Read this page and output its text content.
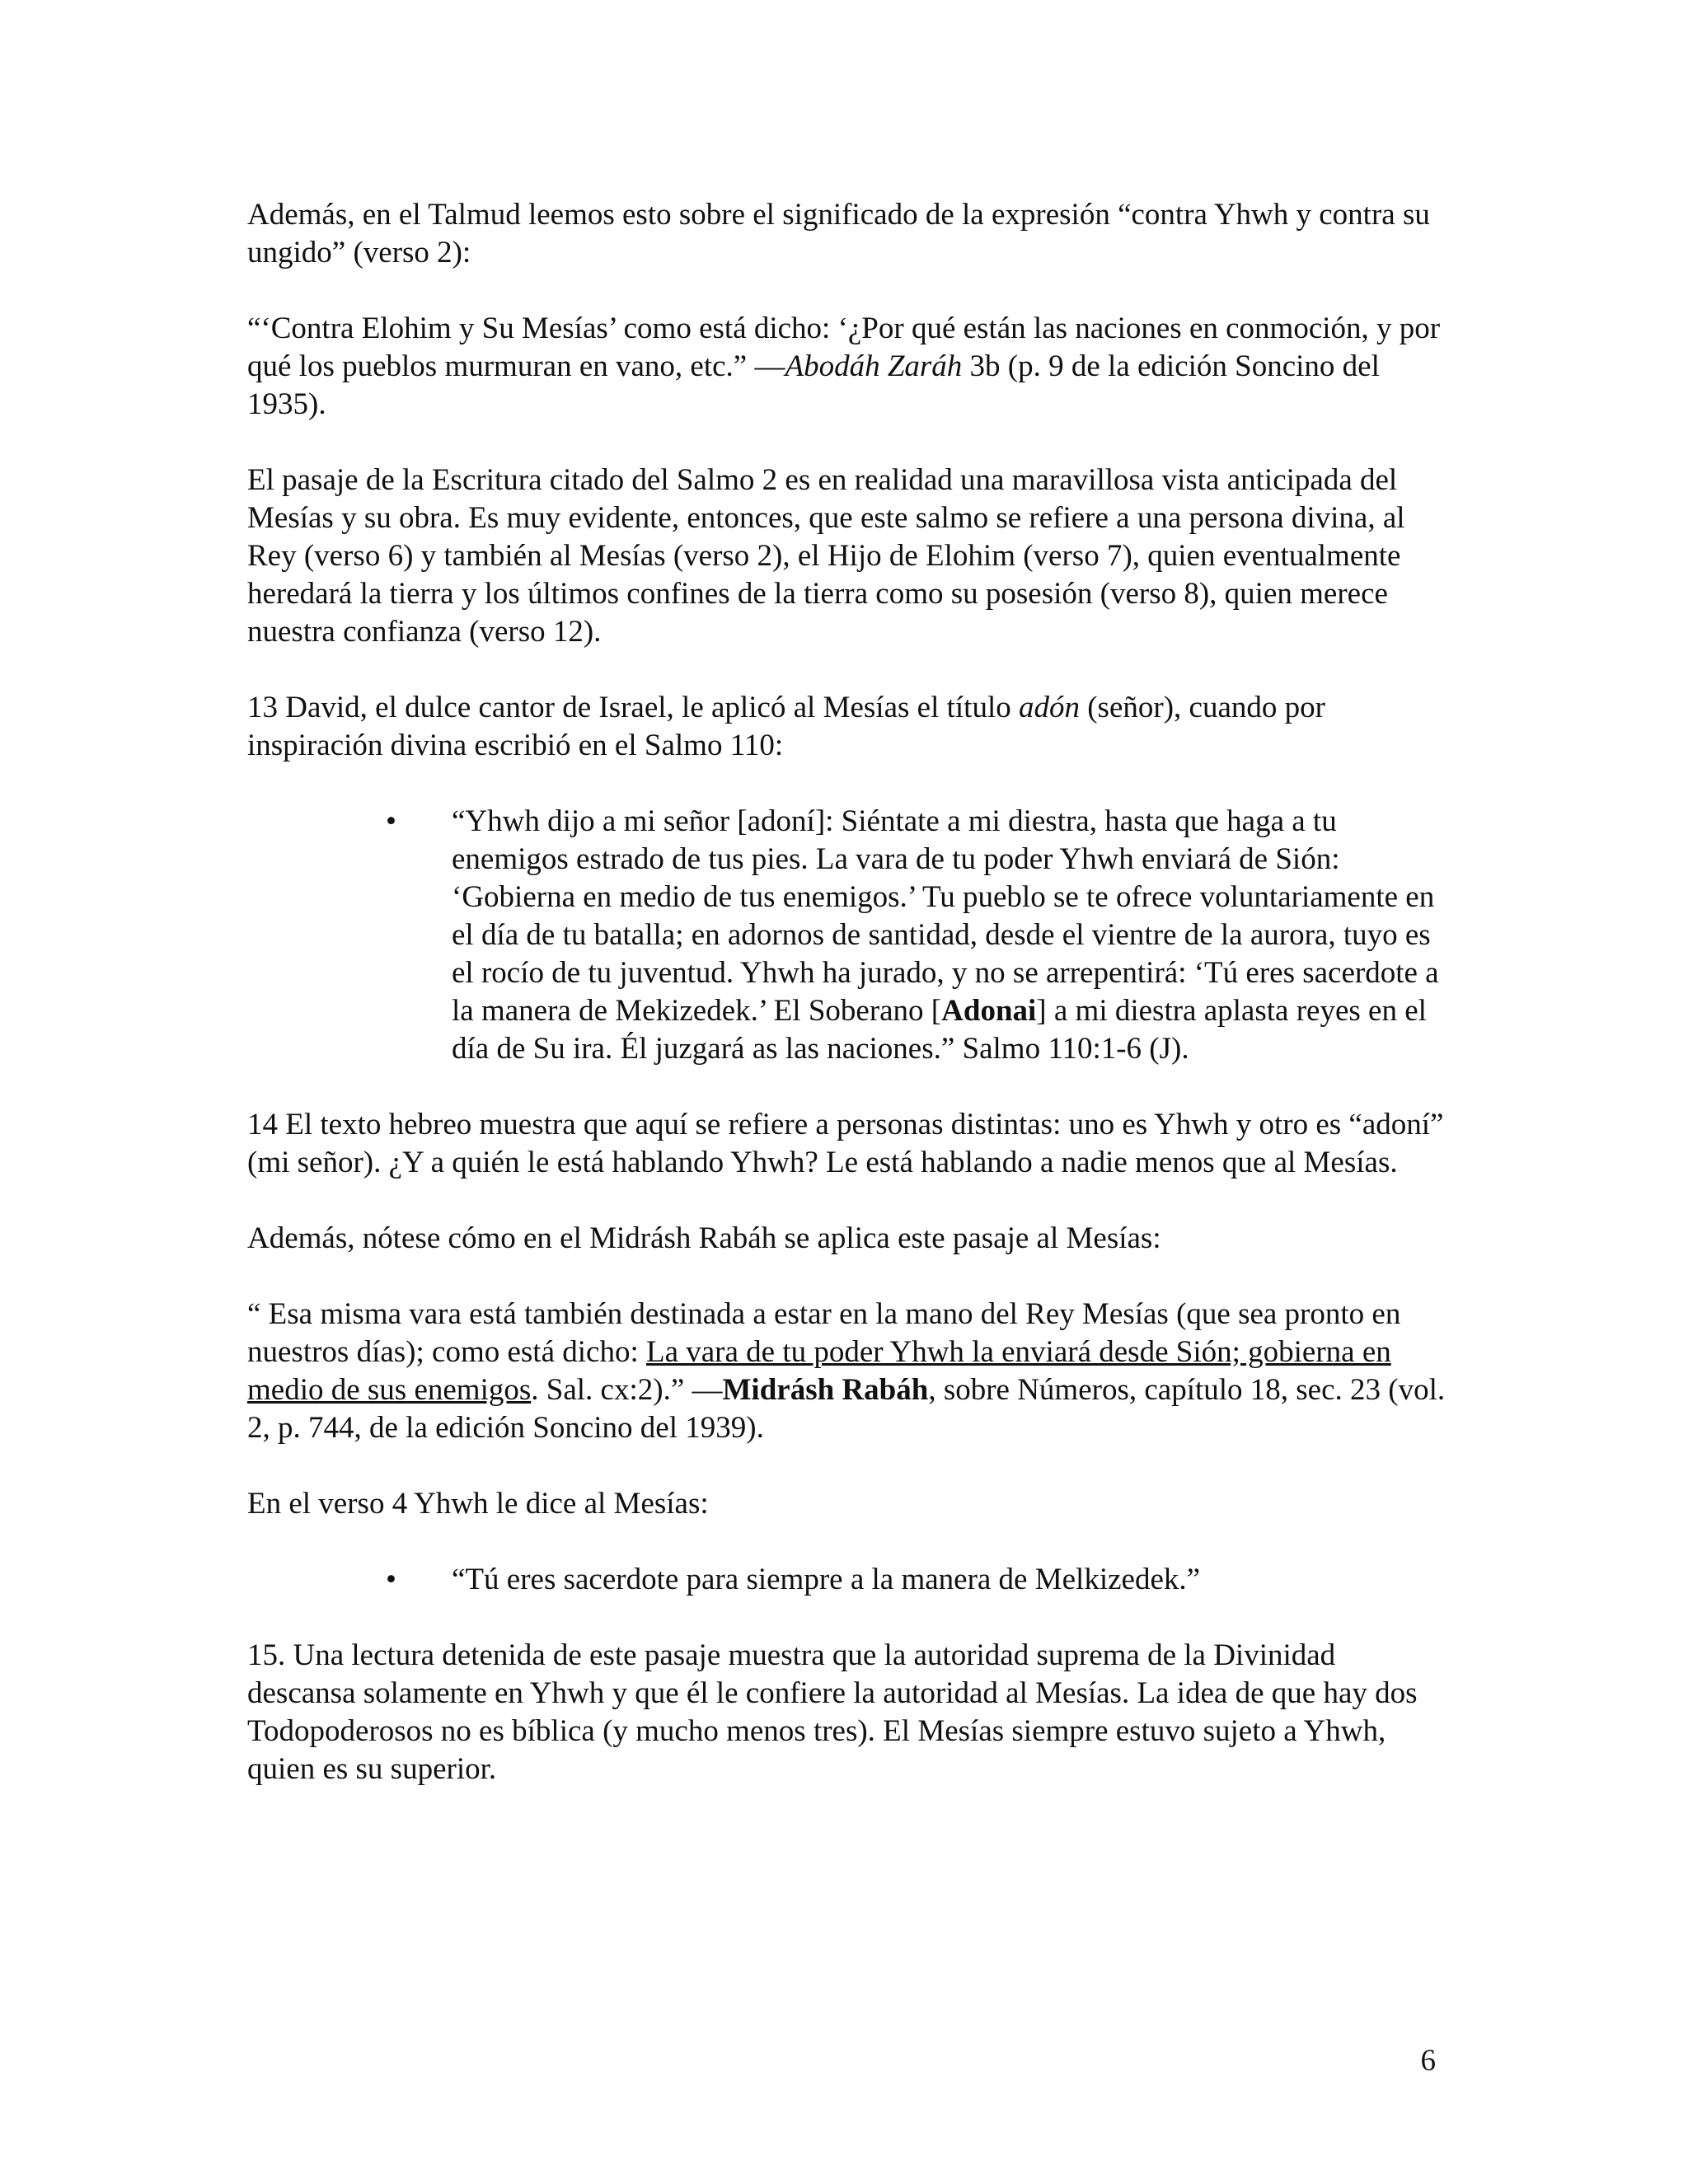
Además, en el Talmud leemos esto sobre el significado de la expresión “contra Yhwh y contra su ungido” (verso 2):

“‘Contra Elohim y Su Mesías’ como está dicho: ‘¿Por qué están las naciones en conmoción, y por qué los pueblos murmuran en vano, etc.” —Abodáh Zaráh 3b (p. 9 de la edición Soncino del 1935).

El pasaje de la Escritura citado del Salmo 2 es en realidad una maravillosa vista anticipada del Mesías y su obra. Es muy evidente, entonces, que este salmo se refiere a una persona divina, al Rey (verso 6) y también al Mesías (verso 2), el Hijo de Elohim (verso 7), quien eventualmente heredará la tierra y los últimos confines de la tierra como su posesión (verso 8), quien merece nuestra confianza (verso 12).

13 David, el dulce cantor de Israel, le aplicó al Mesías el título adón (señor), cuando por inspiración divina escribió en el Salmo 110:

• “Yhwh dijo a mi señor [adoní]: Siéntate a mi diestra, hasta que haga a tu enemigos estrado de tus pies. La vara de tu poder Yhwh enviará de Sión: ‘Gobierna en medio de tus enemigos.’ Tu pueblo se te ofrece voluntariamente en el día de tu batalla; en adornos de santidad, desde el vientre de la aurora, tuyo es el rocío de tu juventud. Yhwh ha jurado, y no se arrepentirá: ‘Tú eres sacerdote a la manera de Mekizedek.’ El Soberano [Adonai] a mi diestra aplasta reyes en el día de Su ira. Él juzgará as las naciones.” Salmo 110:1-6 (J).

14 El texto hebreo muestra que aquí se refiere a personas distintas: uno es Yhwh y otro es “adoní” (mi señor). ¿Y a quién le está hablando Yhwh? Le está hablando a nadie menos que al Mesías.

Además, nótese cómo en el Midrásh Rabáh se aplica este pasaje al Mesías:

“ Esa misma vara está también destinada a estar en la mano del Rey Mesías (que sea pronto en nuestros días); como está dicho: La vara de tu poder Yhwh la enviará desde Sión; gobierna en medio de sus enemigos. Sal. cx:2).” —Midrásh Rabáh, sobre Números, capítulo 18, sec. 23 (vol. 2, p. 744, de la edición Soncino del 1939).

En el verso 4 Yhwh le dice al Mesías:

• “Tú eres sacerdote para siempre a la manera de Melkizedek.”

15. Una lectura detenida de este pasaje muestra que la autoridad suprema de la Divinidad descansa solamente en Yhwh y que él le confiere la autoridad al Mesías. La idea de que hay dos Todopoderosos no es bíblica (y mucho menos tres). El Mesías siempre estuvo sujeto a Yhwh, quien es su superior.

6
